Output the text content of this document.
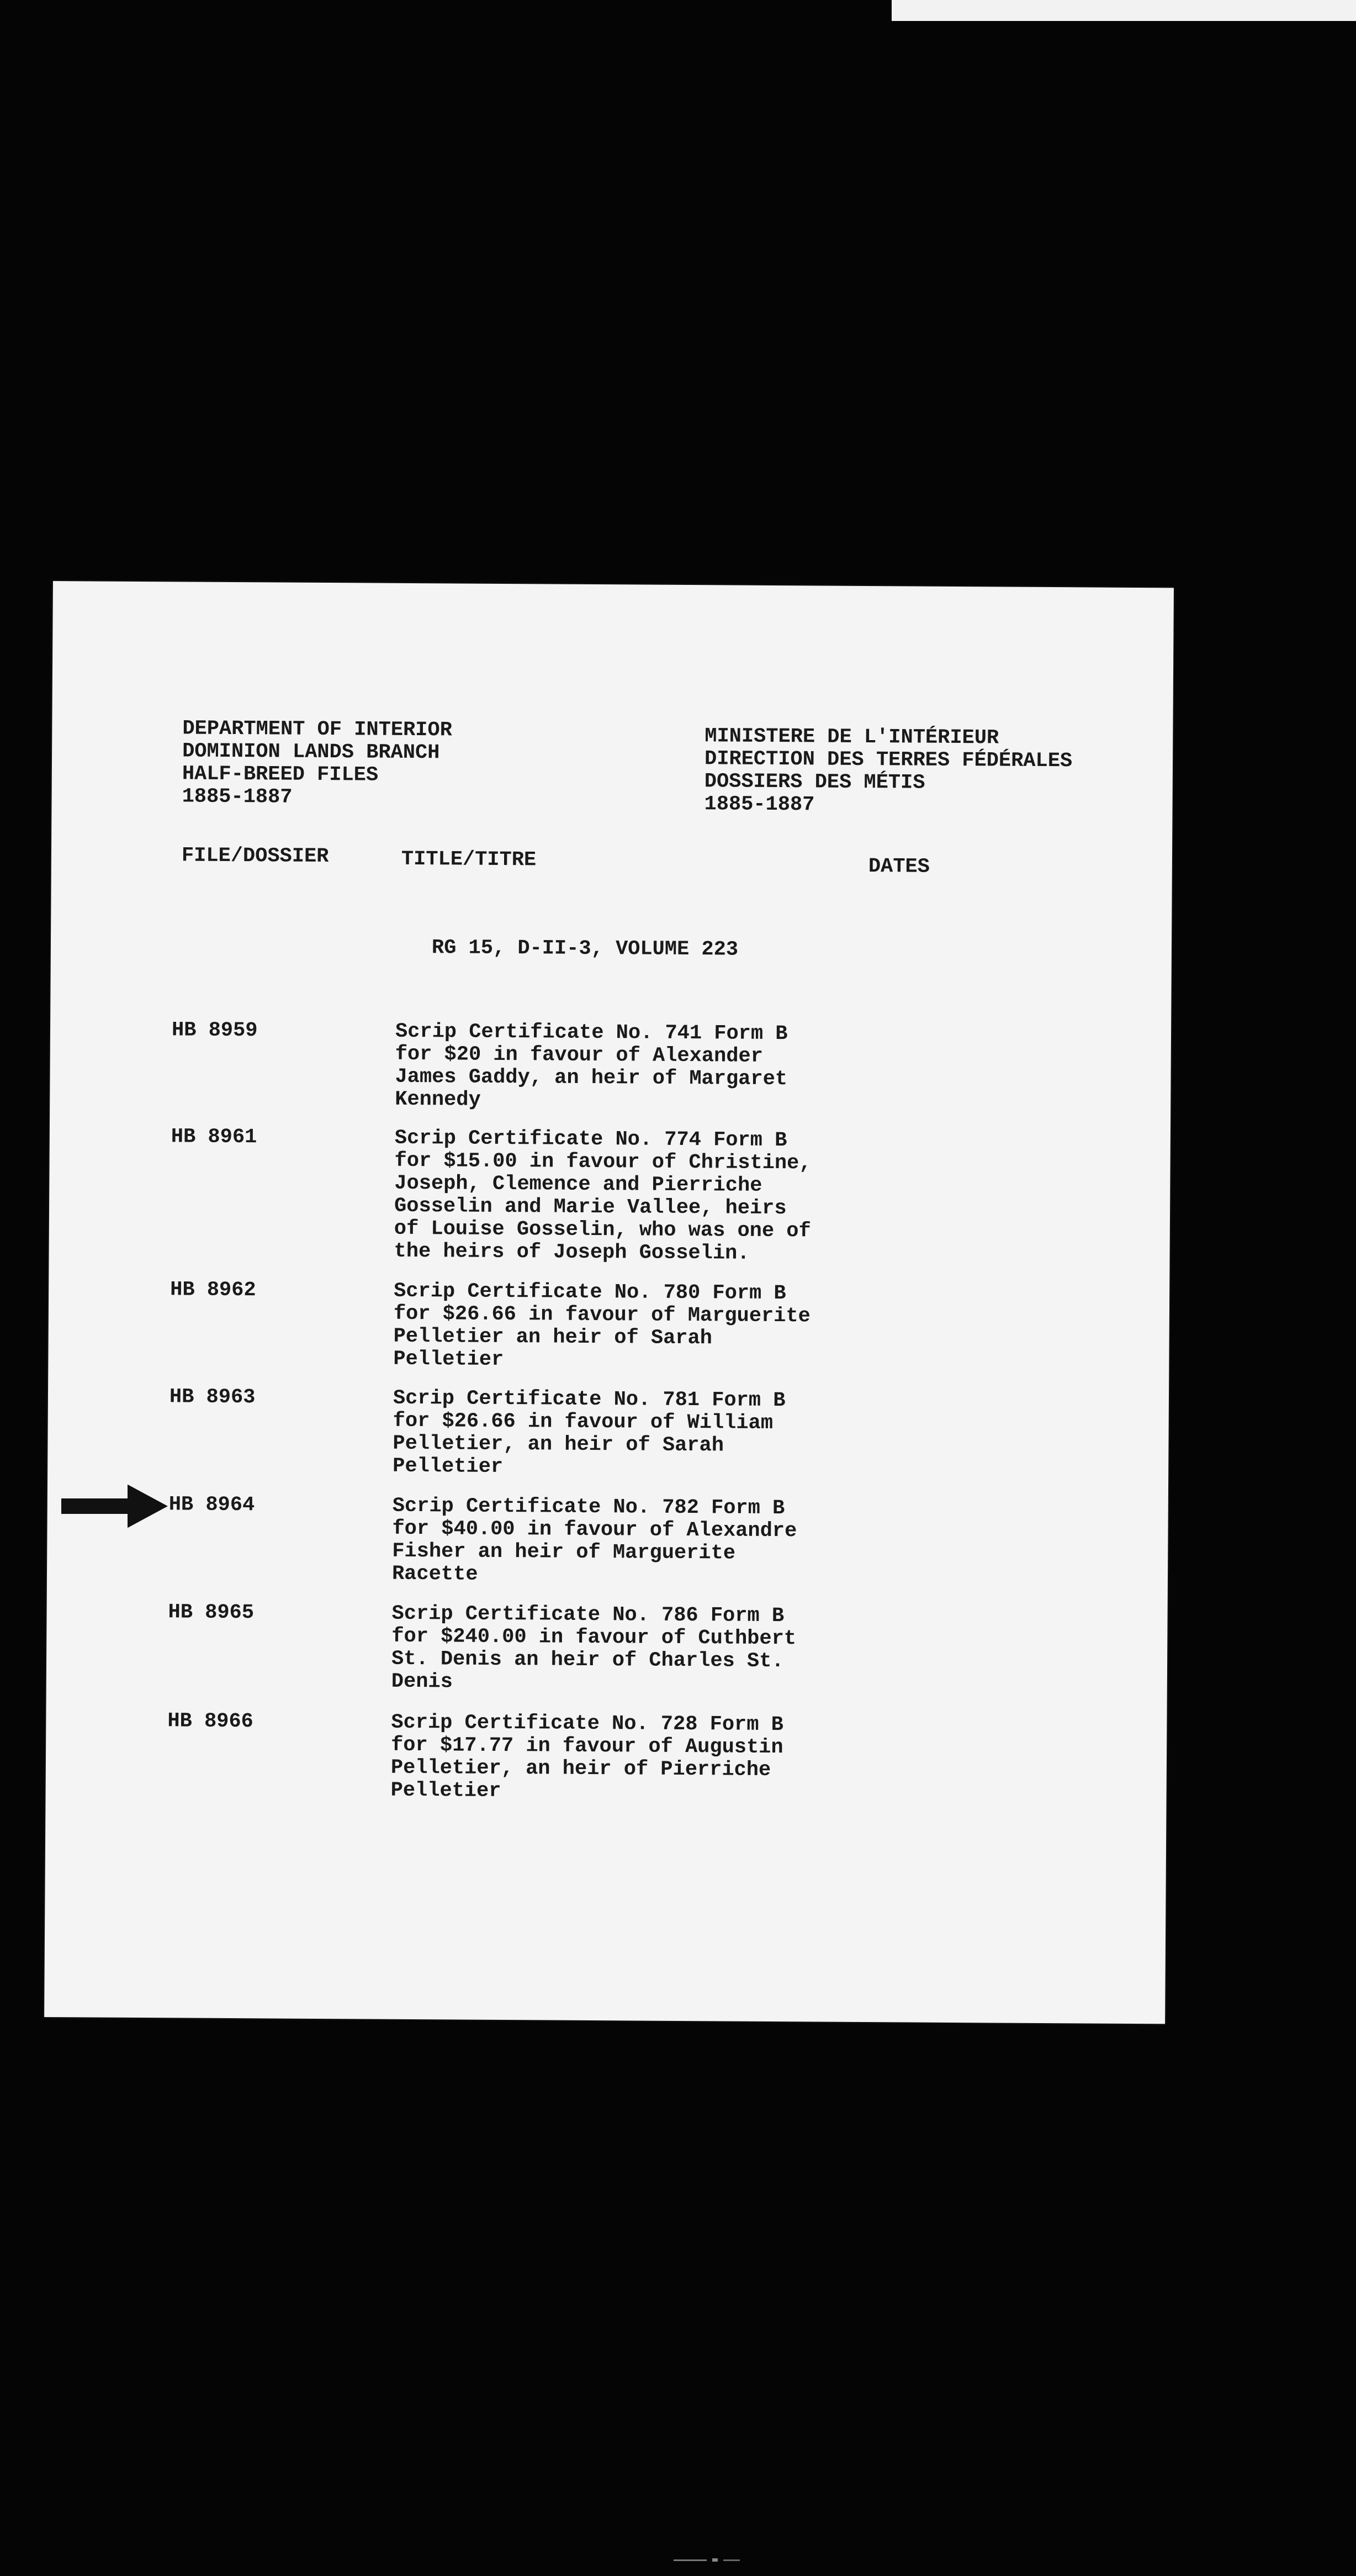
DEPARTMENT OF INTERIOR
DOMINION LANDS BRANCH
HALF-BREED FILES
1885-1887
MINISTERE DE L'INTÉRIEUR
DIRECTION DES TERRES FÉDÉRALES
DOSSIERS DES MÉTIS
1885-1887
FILE/DOSSIER	TITLE/TITRE	DATES
RG 15, D-II-3, VOLUME 223
HB 8959	Scrip Certificate No. 741 Form B
for $20 in favour of Alexander
James Gaddy, an heir of Margaret
Kennedy
HB 8961	Scrip Certificate No. 774 Form B
for $15.00 in favour of Christine,
Joseph, Clemence and Pierriche
Gosselin and Marie Vallee, heirs
of Louise Gosselin, who was one of
the heirs of Joseph Gosselin.
HB 8962	Scrip Certificate No. 780 Form B
for $26.66 in favour of Marguerite
Pelletier an heir of Sarah
Pelletier
HB 8963	Scrip Certificate No. 781 Form B
for $26.66 in favour of William
Pelletier, an heir of Sarah
Pelletier
HB 8964	Scrip Certificate No. 782 Form B
for $40.00 in favour of Alexandre
Fisher an heir of Marguerite
Racette
HB 8965	Scrip Certificate No. 786 Form B
for $240.00 in favour of Cuthbert
St. Denis an heir of Charles St.
Denis
HB 8966	Scrip Certificate No. 728 Form B
for $17.77 in favour of Augustin
Pelletier, an heir of Pierriche
Pelletier
